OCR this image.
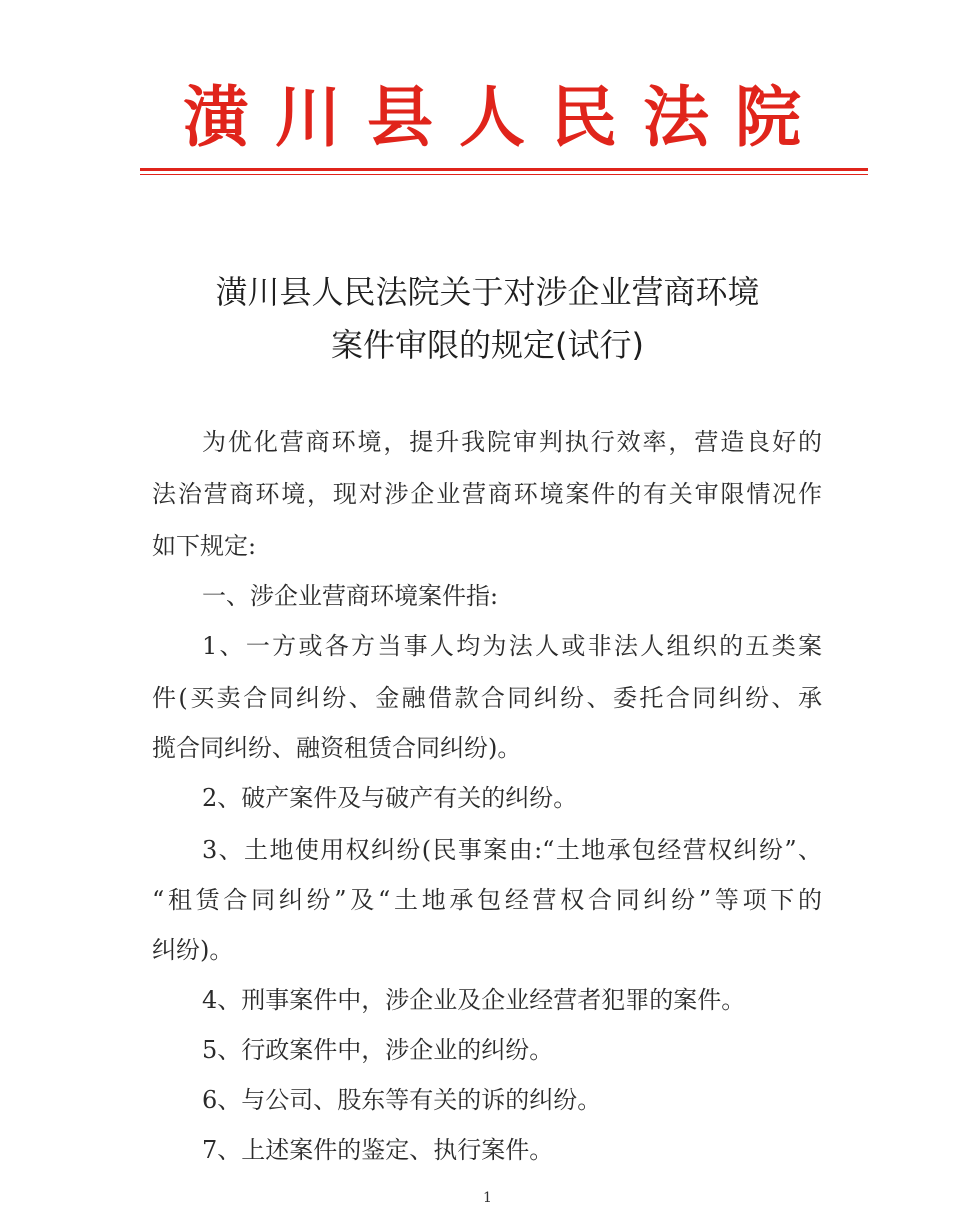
潢川县人民法院
潢川县人民法院关于对涉企业营商环境
案件审限的规定(试行)
为优化营商环境，提升我院审判执行效率，营造良好的
法治营商环境，现对涉企业营商环境案件的有关审限情况作
如下规定:
一、涉企业营商环境案件指:
1、一方或各方当事人均为法人或非法人组织的五类案
件(买卖合同纠纷、金融借款合同纠纷、委托合同纠纷、承
揽合同纠纷、融资租赁合同纠纷)。
2、破产案件及与破产有关的纠纷。
3、土地使用权纠纷(民事案由:“土地承包经营权纠纷”、
“租赁合同纠纷”及“土地承包经营权合同纠纷”等项下的
纠纷)。
4、刑事案件中，涉企业及企业经营者犯罪的案件。
5、行政案件中，涉企业的纠纷。
6、与公司、股东等有关的诉的纠纷。
7、上述案件的鉴定、执行案件。
1
